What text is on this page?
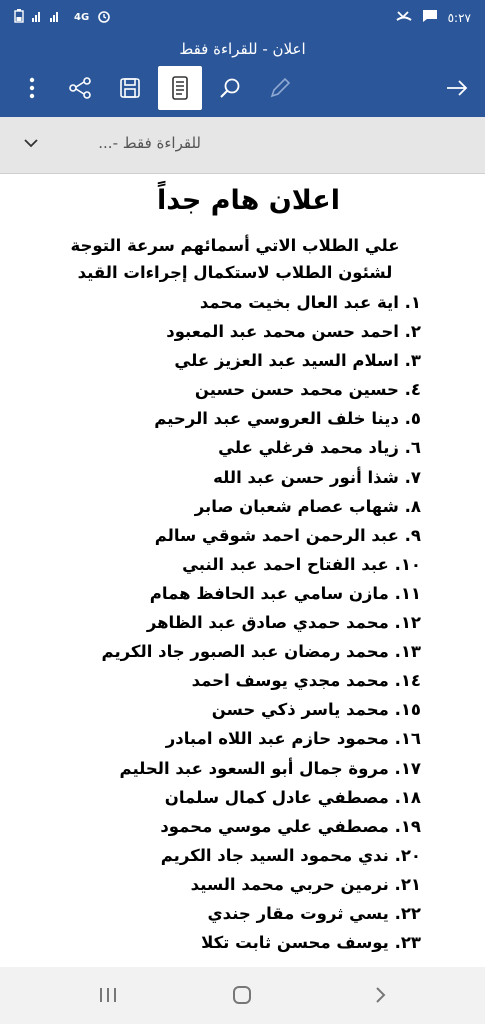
4G	٥:٢٧
اعلان - للقراءة فقط
للقراءة فقط -...
اعلان هام جداً
علي الطلاب الاتي أسمائهم سرعة التوجة لشئون الطلاب لاستكمال إجراءات القيد
١. اية عبد العال بخيت محمد
٢. احمد حسن محمد عبد المعبود
٣. اسلام السيد عبد العزيز علي
٤. حسين محمد حسن حسين
٥. دينا خلف العروسي عبد الرحيم
٦. زياد محمد فرغلي علي
٧. شذا أنور حسن عبد الله
٨. شهاب عصام شعبان صابر
٩. عبد الرحمن احمد شوقي سالم
١٠. عبد الفتاح احمد عبد النبي
١١. مازن سامي عبد الحافظ همام
١٢. محمد حمدي صادق عبد الظاهر
١٣. محمد رمضان عبد الصبور جاد الكريم
١٤. محمد مجدي يوسف احمد
١٥. محمد ياسر ذكي حسن
١٦. محمود حازم عبد اللاه امبادر
١٧. مروة جمال أبو السعود عبد الحليم
١٨. مصطفي عادل كمال سلمان
١٩. مصطفي علي موسي محمود
٢٠. ندي محمود السيد جاد الكريم
٢١. نرمين حربي محمد السيد
٢٢. يسي ثروت مقار جندي
٢٣. يوسف محسن ثابت تكلا
